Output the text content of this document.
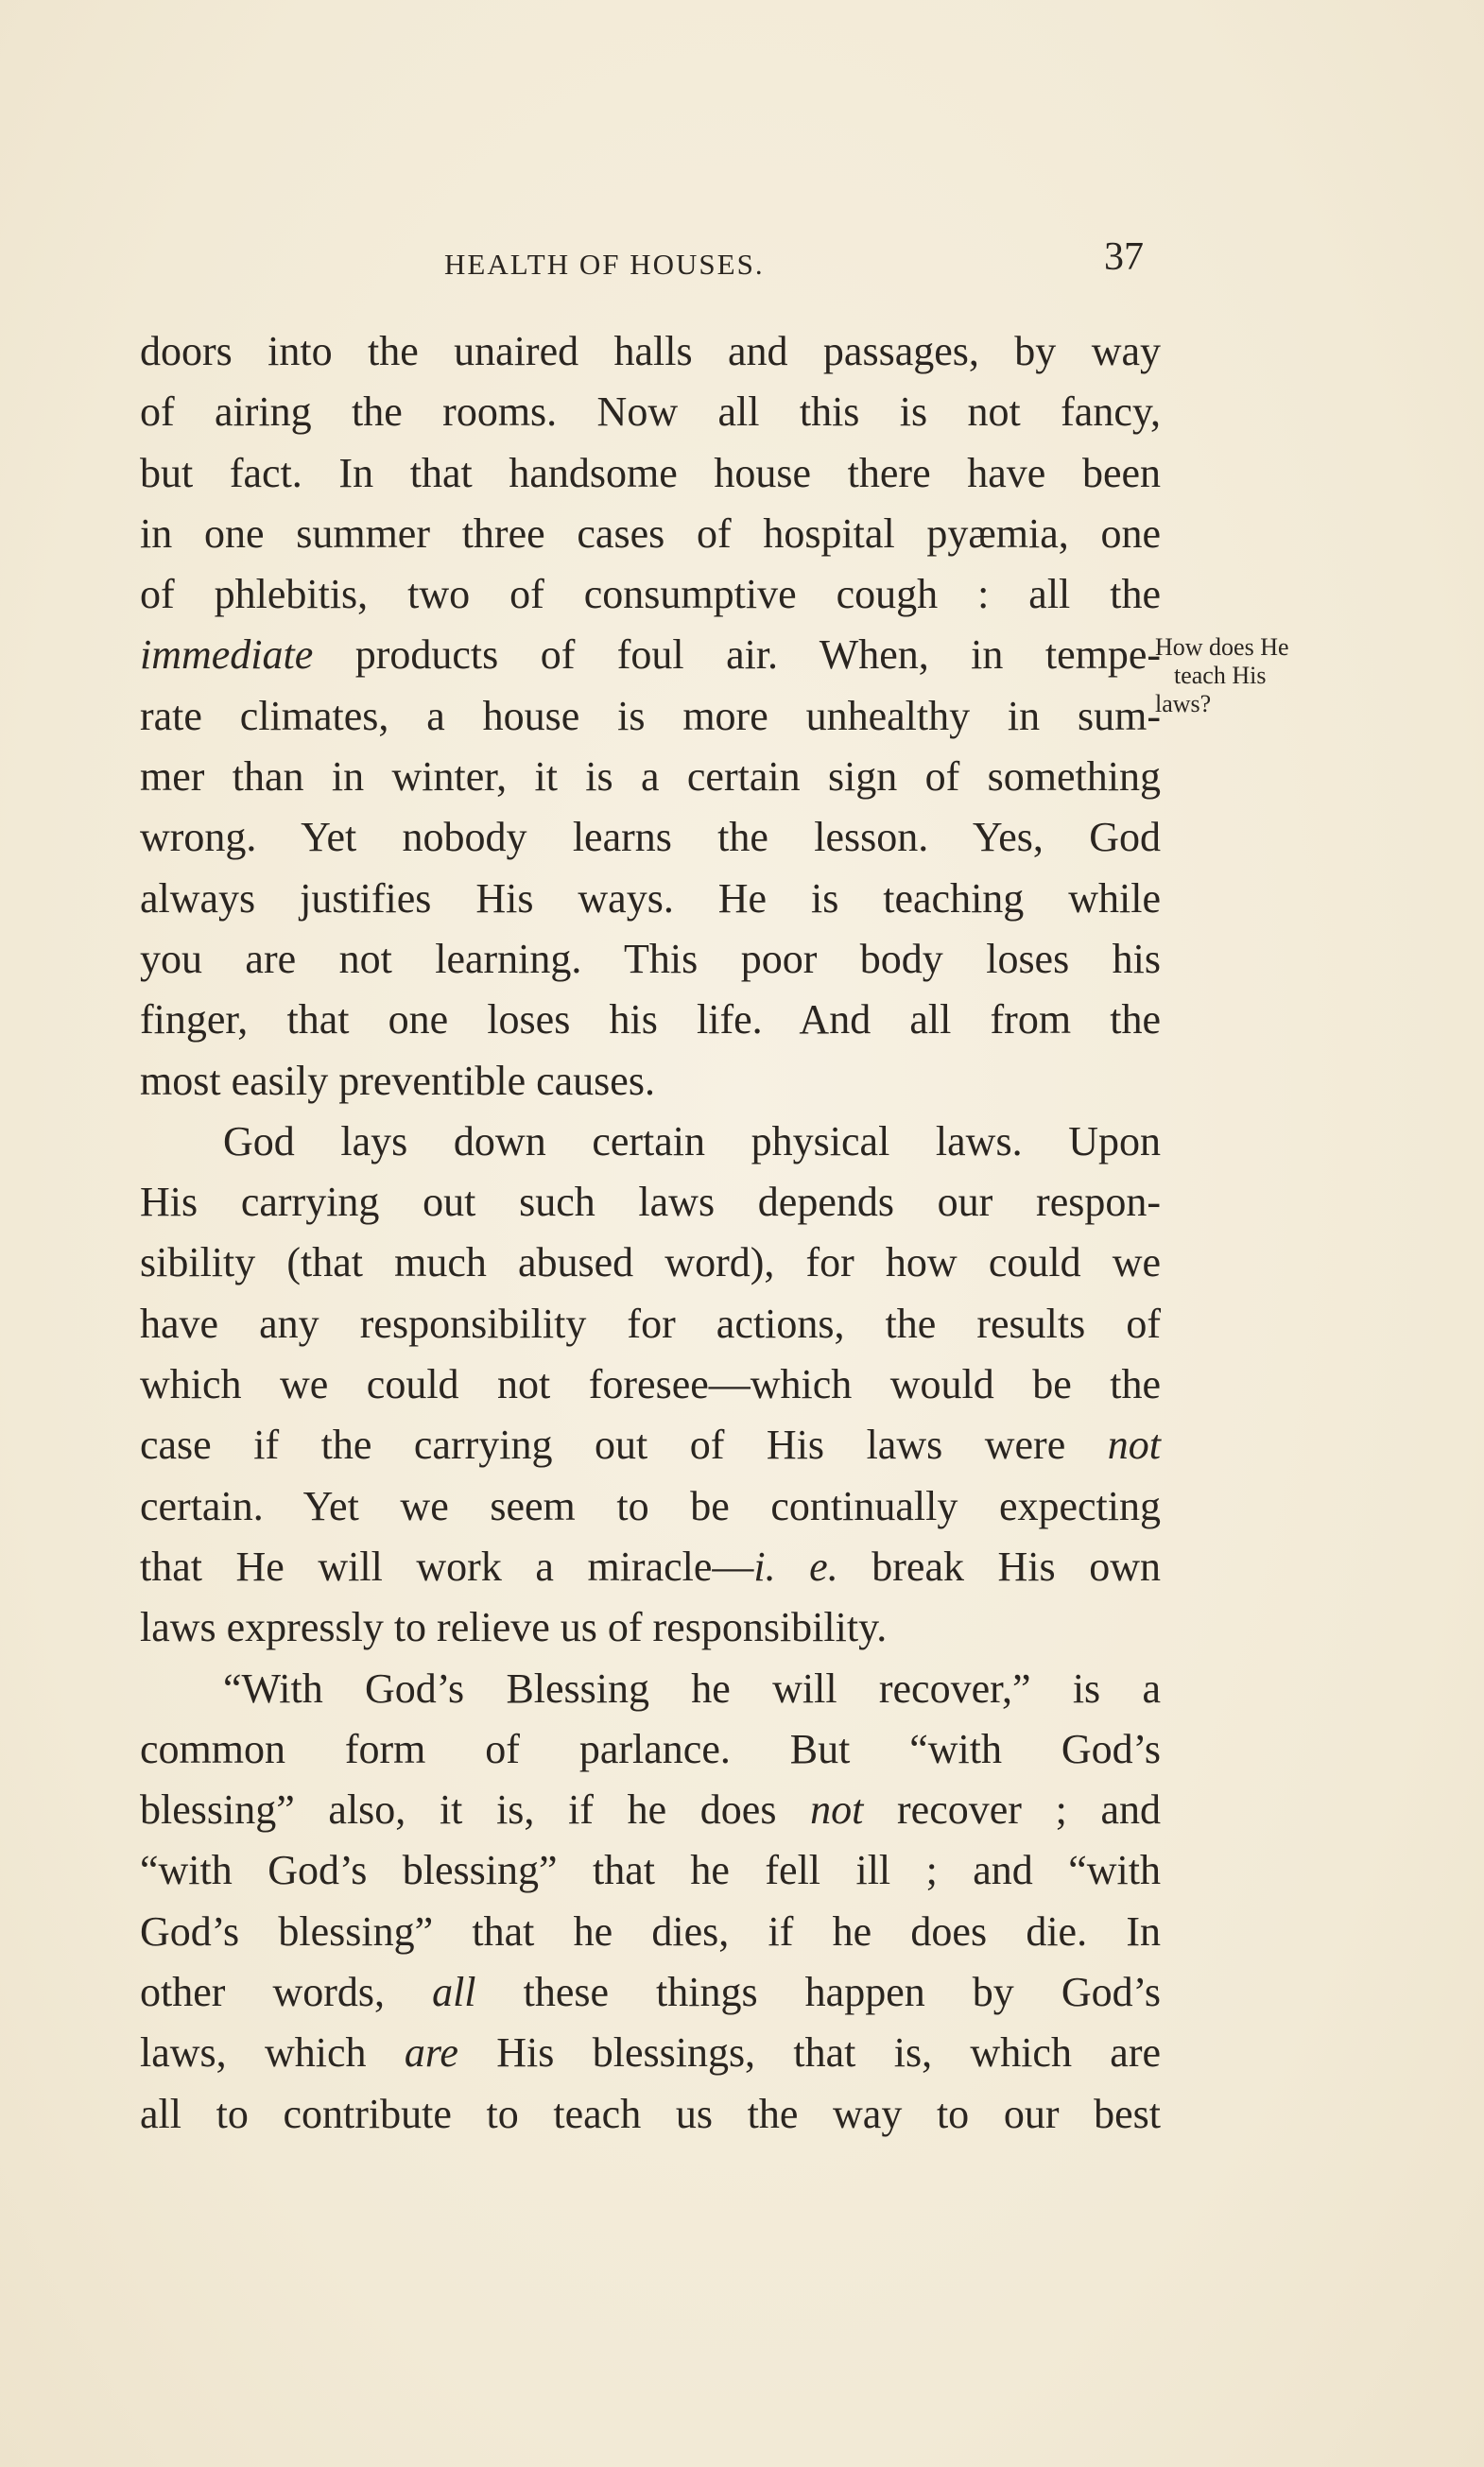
HEALTH OF HOUSES.	37
How does He
teach His
laws?
doors into the unaired halls and passages, by way
of airing the rooms. Now all this is not fancy,
but fact. In that handsome house there have been
in one summer three cases of hospital pyæmia, one
of phlebitis, two of consumptive cough : all the
immediate products of foul air. When, in tempe-
rate climates, a house is more unhealthy in sum-
mer than in winter, it is a certain sign of something
wrong. Yet nobody learns the lesson. Yes, God
always justifies His ways. He is teaching while
you are not learning. This poor body loses his
finger, that one loses his life. And all from the
most easily preventible causes.
God lays down certain physical laws. Upon
His carrying out such laws depends our respon-
sibility (that much abused word), for how could we
have any responsibility for actions, the results of
which we could not foresee—which would be the
case if the carrying out of His laws were not
certain. Yet we seem to be continually expecting
that He will work a miracle—i. e. break His own
laws expressly to relieve us of responsibility.
“With God’s Blessing he will recover,” is a
common form of parlance. But “with God’s
blessing” also, it is, if he does not recover ; and
“with God’s blessing” that he fell ill ; and “with
God’s blessing” that he dies, if he does die. In
other words, all these things happen by God’s
laws, which are His blessings, that is, which are
all to contribute to teach us the way to our best
